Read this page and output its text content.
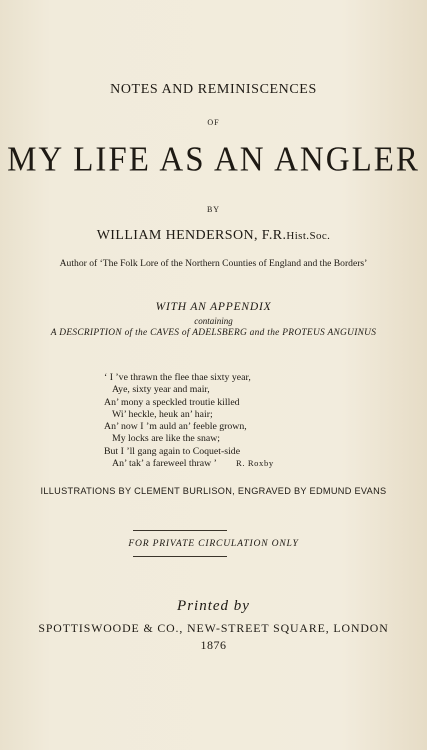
NOTES AND REMINISCENCES
OF
MY LIFE AS AN ANGLER
BY
WILLIAM HENDERSON, F.R.Hist.Soc.
Author of ‘The Folk Lore of the Northern Counties of England and the Borders’
WITH AN APPENDIX
containing
A DESCRIPTION of the CAVES of ADELSBERG and the PROTEUS ANGUINUS
‘ I ’ve thrawn the flee thae sixty year,
Aye, sixty year and mair,
An’ mony a speckled troutie killed
Wi’ heckle, heuk an’ hair;
An’ now I ’m auld an’ feeble grown,
My locks are like the snaw;
But I ’ll gang again to Coquet-side
An’ tak’ a fareweel thraw ’	R. Roxby
ILLUSTRATIONS BY CLEMENT BURLISON, ENGRAVED BY EDMUND EVANS
FOR PRIVATE CIRCULATION ONLY
Printed by
SPOTTISWOODE & CO., NEW-STREET SQUARE, LONDON
1876
